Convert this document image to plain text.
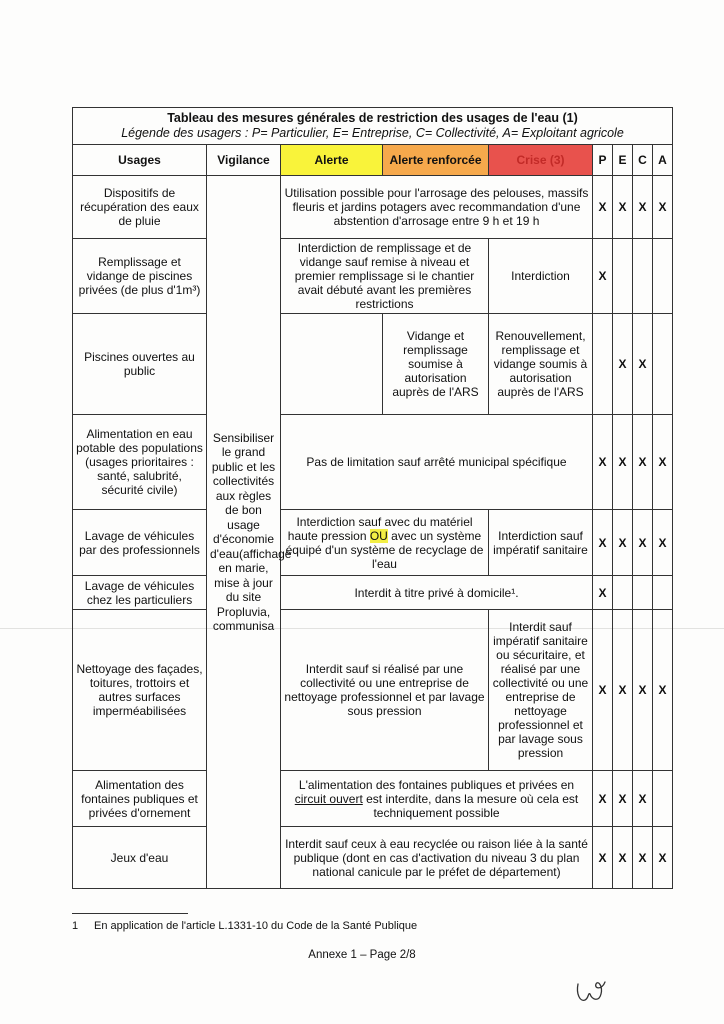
Tableau des mesures générales de restriction des usages de l'eau (1)
Légende des usagers : P= Particulier, E= Entreprise, C= Collectivité, A= Exploitant agricole								

Usages	Vigilance	Alerte	Alerte renforcée	Crise (3)	P	E	C	A
Dispositifs de récupération des eaux de pluie	Sensibiliser le grand public et les collectivités aux règles de bon usage d'économie d'eau(affichage en marie, mise à jour du site Propluvia, communisa	Utilisation possible pour l'arrosage des pelouses, massifs fleuris et jardins potagers avec recommandation d'une abstention d'arrosage entre 9 h et 19 h			X	X	X	X
Remplissage et vidange de piscines privées (de plus d'1m³)		Interdiction de remplissage et de vidange sauf remise à niveau et premier remplissage si le chantier avait débuté avant les premières restrictions		Interdiction	X			
Piscines ouvertes au public			Vidange et remplissage soumise à autorisation auprès de l'ARS	Renouvellement, remplissage et vidange soumis à autorisation auprès de l'ARS		X	X	
Alimentation en eau potable des populations (usages prioritaires : santé, salubrité, sécurité civile)		Pas de limitation sauf arrêté municipal spécifique			X	X	X	X
Lavage de véhicules par des professionnels		Interdiction sauf avec du matériel haute pression OU avec un système équipé d'un système de recyclage de l'eau		Interdiction sauf impératif sanitaire	X	X	X	X
Lavage de véhicules chez les particuliers		Interdit à titre privé à domicile¹.			X			
Nettoyage des façades, toitures, trottoirs et autres surfaces imperméabilisées		Interdit sauf si réalisé par une collectivité ou une entreprise de nettoyage professionnel et par lavage sous pression		Interdit sauf impératif sanitaire ou sécuritaire, et réalisé par une collectivité ou une entreprise de nettoyage professionnel et par lavage sous pression	X	X	X	X
Alimentation des fontaines publiques et privées d'ornement		L'alimentation des fontaines publiques et privées en circuit ouvert est interdite, dans la mesure où cela est techniquement possible			X	X	X	
Jeux d'eau		Interdit sauf ceux à eau recyclée ou raison liée à la santé publique (dont en cas d'activation du niveau 3 du plan national canicule par le préfet de département)			X	X	X	X
1 En application de l'article L.1331-10 du Code de la Santé Publique
Annexe 1 – Page 2/8
